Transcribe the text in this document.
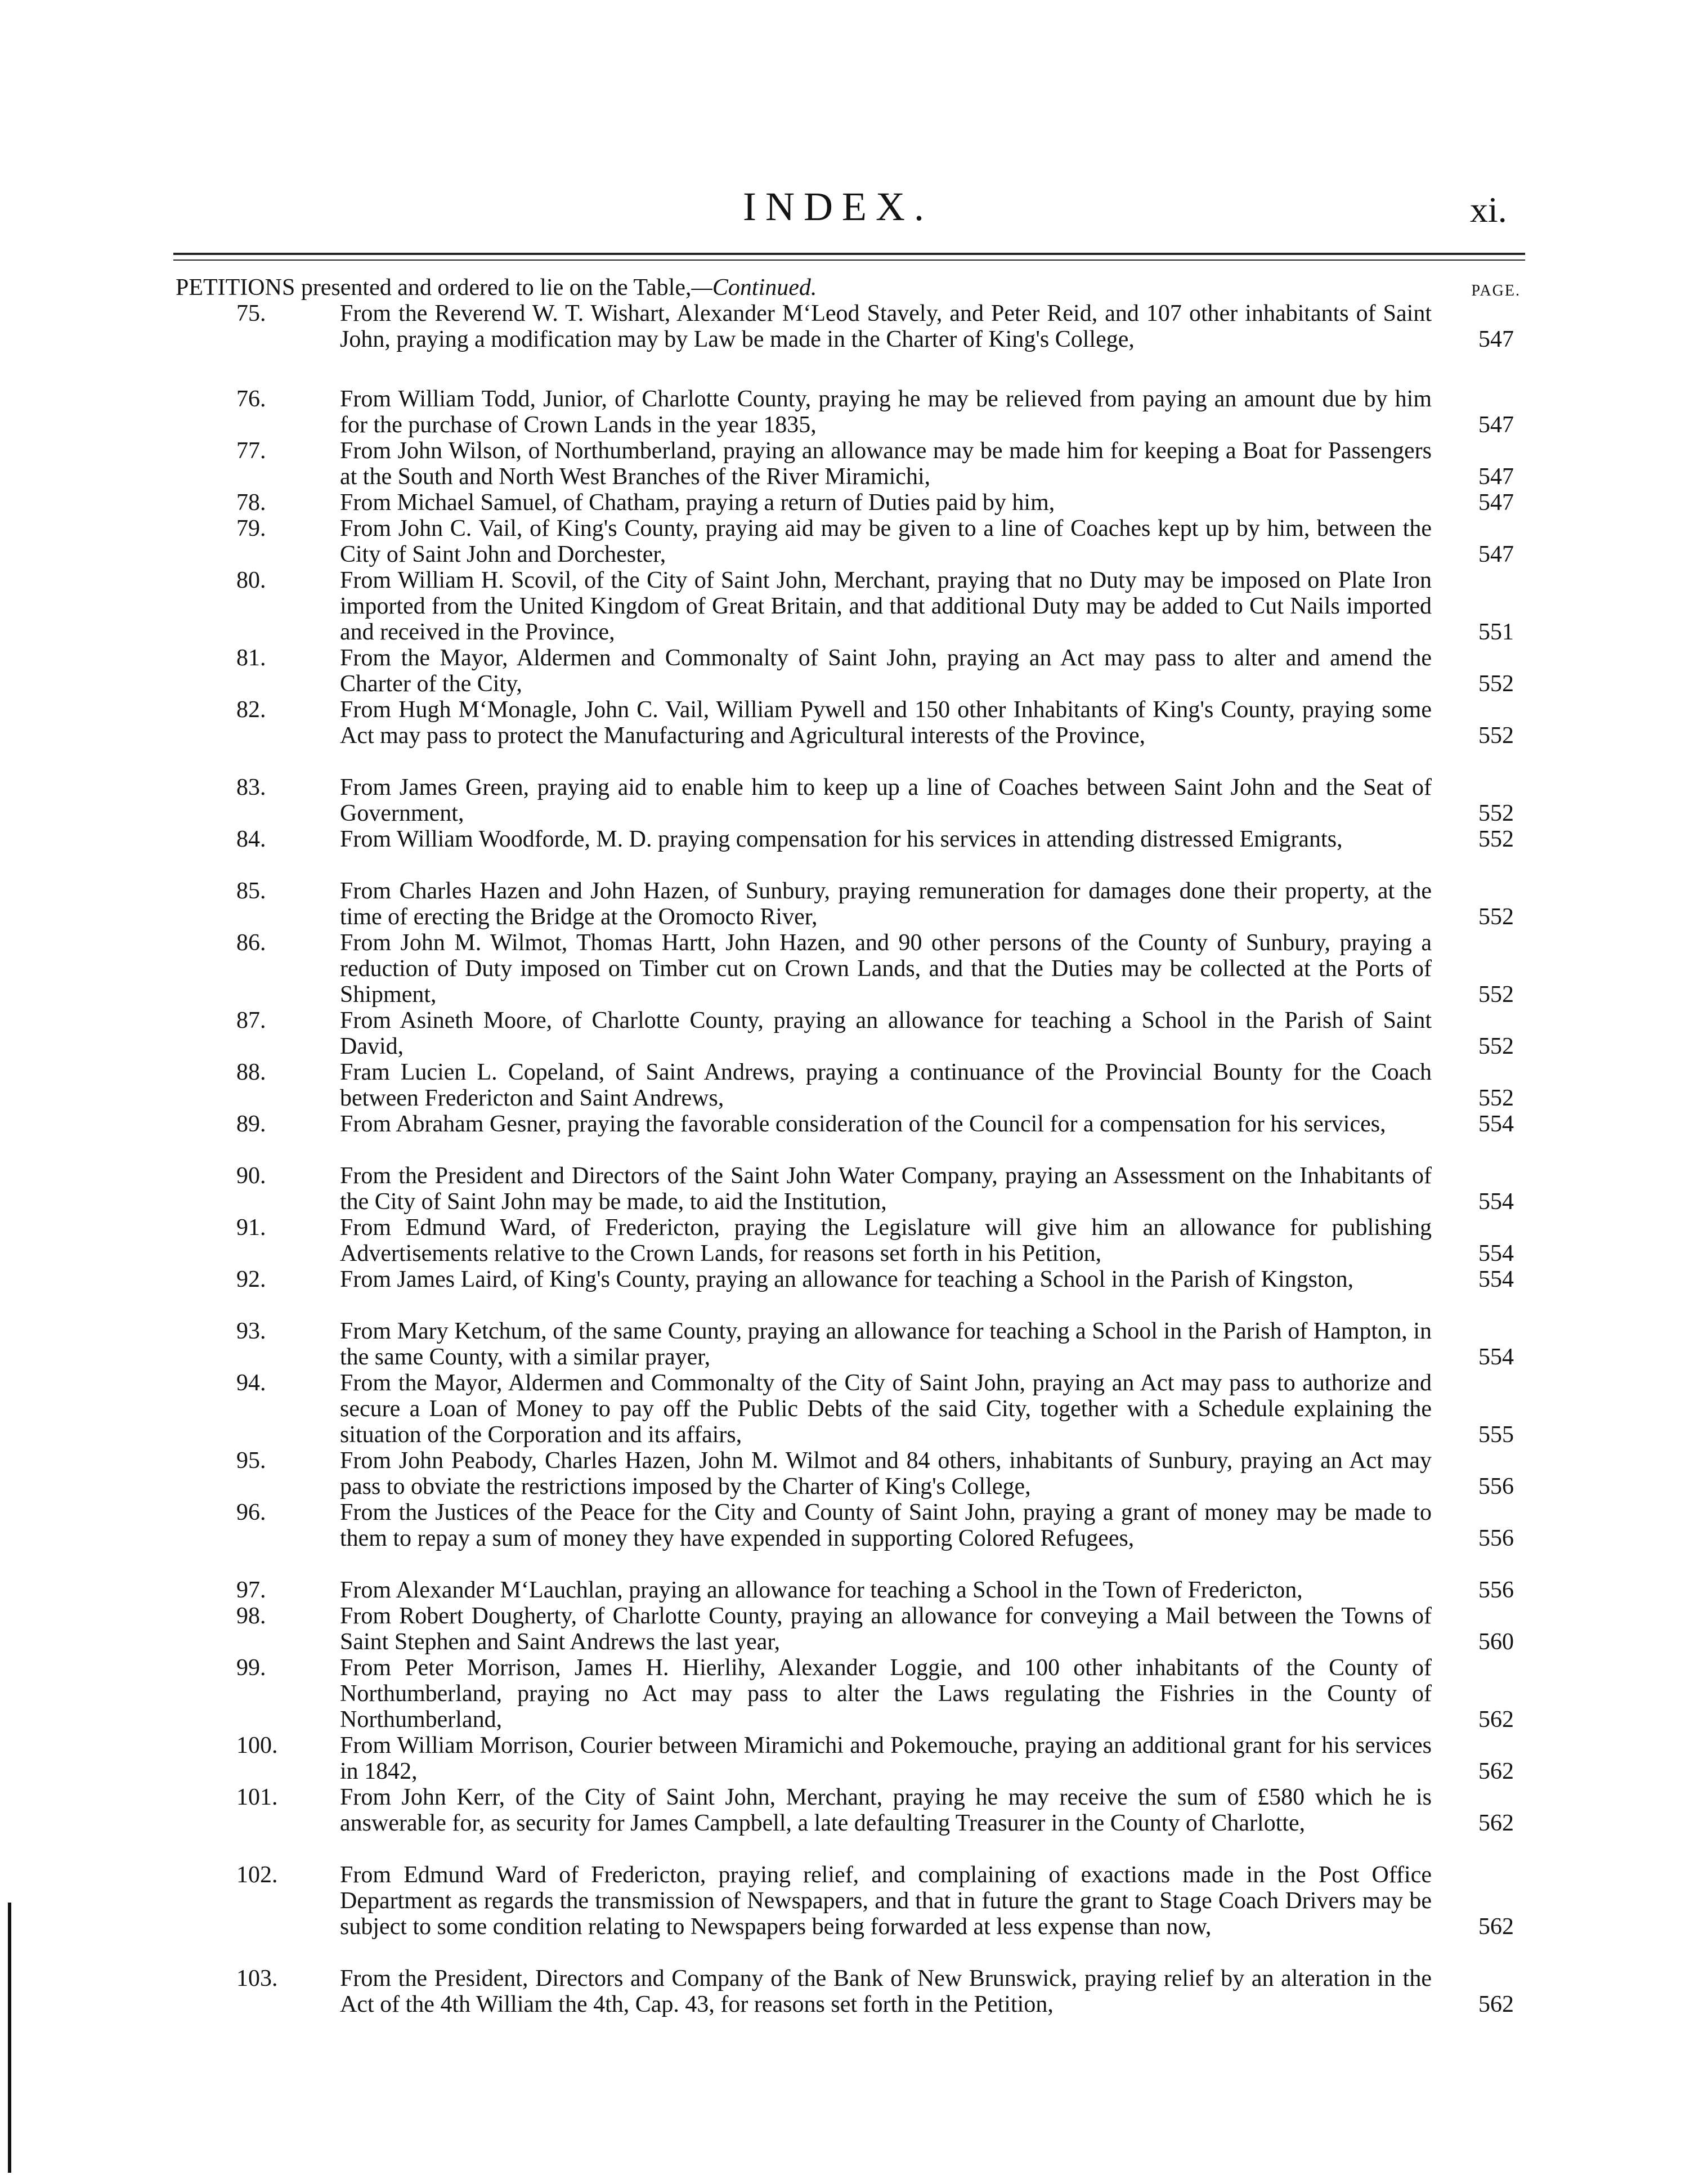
INDEX.	xi.
PETITIONS presented and ordered to lie on the Table,—Continued.	PAGE.
75.	From the Reverend W. T. Wishart, Alexander M‘Leod Stavely, and Peter Reid, and 107 other inhabitants of Saint John, praying a modification may by Law be made in the Charter of King's College,	547
76.	From William Todd, Junior, of Charlotte County, praying he may be relieved from paying an amount due by him for the purchase of Crown Lands in the year 1835,	547
77.	From John Wilson, of Northumberland, praying an allowance may be made him for keeping a Boat for Passengers at the South and North West Branches of the River Miramichi,	547
78.	From Michael Samuel, of Chatham, praying a return of Duties paid by him,	547
79.	From John C. Vail, of King's County, praying aid may be given to a line of Coaches kept up by him, between the City of Saint John and Dorchester,	547
80.	From William H. Scovil, of the City of Saint John, Merchant, praying that no Duty may be imposed on Plate Iron imported from the United Kingdom of Great Britain, and that additional Duty may be added to Cut Nails imported and received in the Province,	551
81.	From the Mayor, Aldermen and Commonalty of Saint John, praying an Act may pass to alter and amend the Charter of the City,	552
82.	From Hugh M‘Monagle, John C. Vail, William Pywell and 150 other Inhabitants of King's County, praying some Act may pass to protect the Manufacturing and Agricultural interests of the Province,	552
83.	From James Green, praying aid to enable him to keep up a line of Coaches between Saint John and the Seat of Government,	552
84.	From William Woodforde, M. D. praying compensation for his services in attending distressed Emigrants,	552
85.	From Charles Hazen and John Hazen, of Sunbury, praying remuneration for damages done their property, at the time of erecting the Bridge at the Oromocto River,	552
86.	From John M. Wilmot, Thomas Hartt, John Hazen, and 90 other persons of the County of Sunbury, praying a reduction of Duty imposed on Timber cut on Crown Lands, and that the Duties may be collected at the Ports of Shipment,	552
87.	From Asineth Moore, of Charlotte County, praying an allowance for teaching a School in the Parish of Saint David,	552
88.	Fram Lucien L. Copeland, of Saint Andrews, praying a continuance of the Provincial Bounty for the Coach between Fredericton and Saint Andrews,	552
89.	From Abraham Gesner, praying the favorable consideration of the Council for a compensation for his services,	554
90.	From the President and Directors of the Saint John Water Company, praying an Assessment on the Inhabitants of the City of Saint John may be made, to aid the Institution,	554
91.	From Edmund Ward, of Fredericton, praying the Legislature will give him an allowance for publishing Advertisements relative to the Crown Lands, for reasons set forth in his Petition,	554
92.	From James Laird, of King's County, praying an allowance for teaching a School in the Parish of Kingston,	554
93.	From Mary Ketchum, of the same County, praying an allowance for teaching a School in the Parish of Hampton, in the same County, with a similar prayer,	554
94.	From the Mayor, Aldermen and Commonalty of the City of Saint John, praying an Act may pass to authorize and secure a Loan of Money to pay off the Public Debts of the said City, together with a Schedule explaining the situation of the Corporation and its affairs,	555
95.	From John Peabody, Charles Hazen, John M. Wilmot and 84 others, inhabitants of Sunbury, praying an Act may pass to obviate the restrictions imposed by the Charter of King's College,	556
96.	From the Justices of the Peace for the City and County of Saint John, praying a grant of money may be made to them to repay a sum of money they have expended in supporting Colored Refugees,	556
97.	From Alexander M‘Lauchlan, praying an allowance for teaching a School in the Town of Fredericton,	556
98.	From Robert Dougherty, of Charlotte County, praying an allowance for conveying a Mail between the Towns of Saint Stephen and Saint Andrews the last year,	560
99.	From Peter Morrison, James H. Hierlihy, Alexander Loggie, and 100 other inhabitants of the County of Northumberland, praying no Act may pass to alter the Laws regulating the Fishries in the County of Northumberland,	562
100.	From William Morrison, Courier between Miramichi and Pokemouche, praying an additional grant for his services in 1842,	562
101.	From John Kerr, of the City of Saint John, Merchant, praying he may receive the sum of £580 which he is answerable for, as security for James Campbell, a late defaulting Treasurer in the County of Charlotte,	562
102.	From Edmund Ward of Fredericton, praying relief, and complaining of exactions made in the Post Office Department as regards the transmission of Newspapers, and that in future the grant to Stage Coach Drivers may be subject to some condition relating to Newspapers being forwarded at less expense than now,	562
103.	From the President, Directors and Company of the Bank of New Brunswick, praying relief by an alteration in the Act of the 4th William the 4th, Cap. 43, for reasons set forth in the Petition,	562
